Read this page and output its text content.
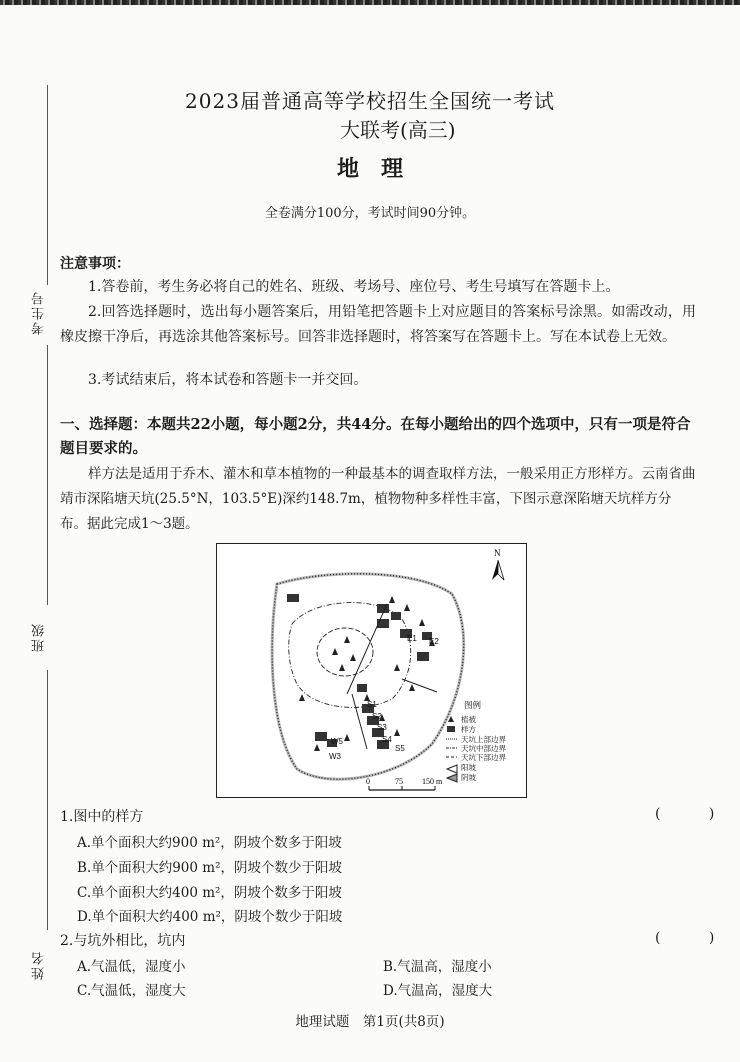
考生号
班级
姓名
2023届普通高等学校招生全国统一考试
大联考(高三)
地理
全卷满分100分，考试时间90分钟。
注意事项：
1.答卷前，考生务必将自己的姓名、班级、考场号、座位号、考生号填写在答题卡上。
2.回答选择题时，选出每小题答案后，用铅笔把答题卡上对应题目的答案标号涂黑。如需改动，用橡皮擦干净后，再选涂其他答案标号。回答非选择题时，将答案写在答题卡上。写在本试卷上无效。
3.考试结束后，将本试卷和答题卡一并交回。
一、选择题：本题共22小题，每小题2分，共44分。在每小题给出的四个选项中，只有一项是符合题目要求的。
样方法是适用于乔木、灌木和草本植物的一种最基本的调查取样方法，一般采用正方形样方。云南省曲靖市深陷塘天坑(25.5°N，103.5°E)深约148.7m，植物物种多样性丰富，下图示意深陷塘天坑样方分布。据此完成1～3题。
N
E1 E2
S1
S2
S3
S4
S5
W5
W3
图例
植被
样方
天坑上部边界
天坑中部边界
天坑下部边界
阳坡
阴坡
0	75 150 m
1.图中的样方	( )
A.单个面积大约900 m²，阴坡个数多于阳坡
B.单个面积大约900 m²，阴坡个数少于阳坡
C.单个面积大约400 m²，阴坡个数多于阳坡
D.单个面积大约400 m²，阴坡个数少于阳坡
2.与坑外相比，坑内	( )
A.气温低，湿度小	B.气温高，湿度小
C.气温低，湿度大	D.气温高，湿度大
地理试题　第1页(共8页)
